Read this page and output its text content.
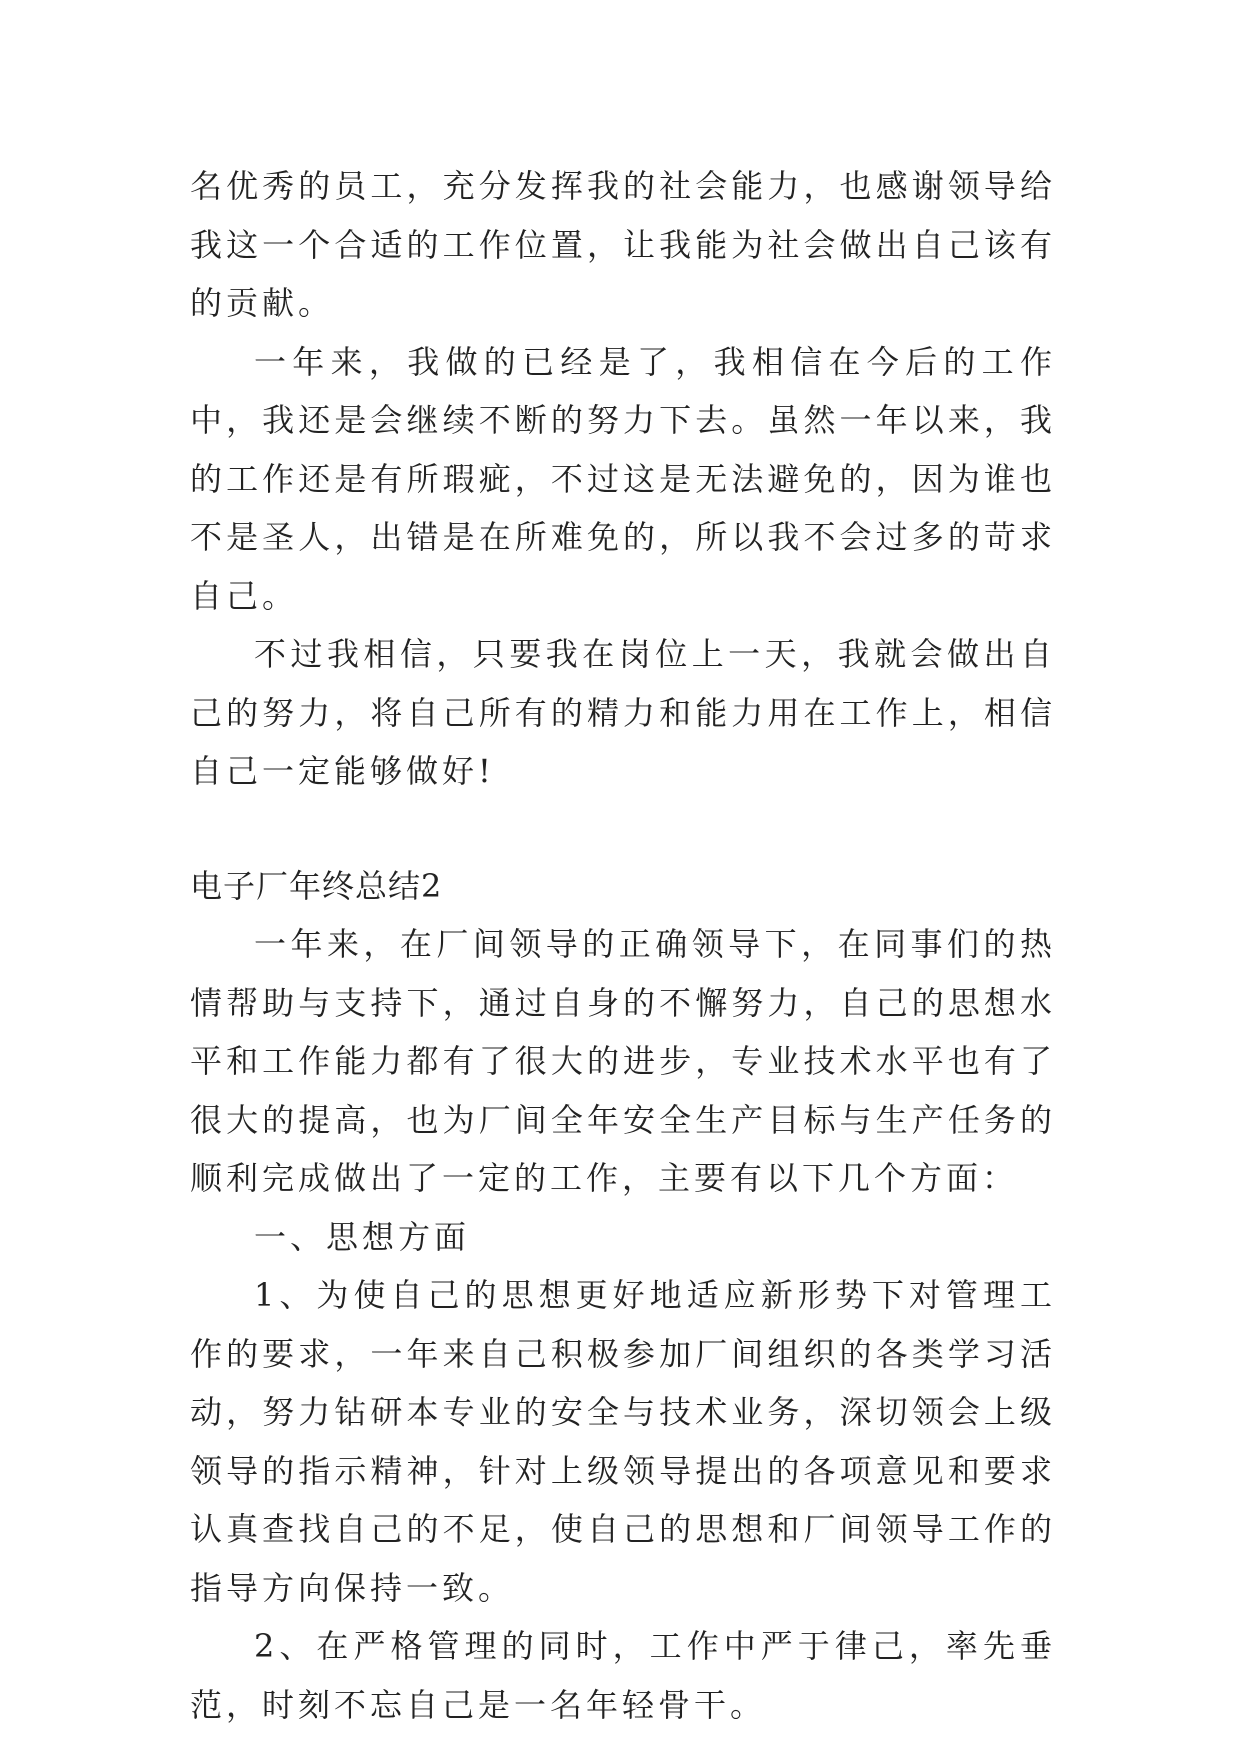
名优秀的员工，充分发挥我的社会能力，也感谢领导给我这一个合适的工作位置，让我能为社会做出自己该有的贡献。

一年来，我做的已经是了，我相信在今后的工作中，我还是会继续不断的努力下去。虽然一年以来，我的工作还是有所瑕疵，不过这是无法避免的，因为谁也不是圣人，出错是在所难免的，所以我不会过多的苛求自己。

不过我相信，只要我在岗位上一天，我就会做出自己的努力，将自己所有的精力和能力用在工作上，相信自己一定能够做好!

电子厂年终总结2

一年来，在厂间领导的正确领导下，在同事们的热情帮助与支持下，通过自身的不懈努力，自己的思想水平和工作能力都有了很大的进步，专业技术水平也有了很大的提高，也为厂间全年安全生产目标与生产任务的顺利完成做出了一定的工作，主要有以下几个方面：

一、思想方面

1、为使自己的思想更好地适应新形势下对管理工作的要求，一年来自己积极参加厂间组织的各类学习活动，努力钻研本专业的安全与技术业务，深切领会上级领导的指示精神，针对上级领导提出的各项意见和要求认真查找自己的不足，使自己的思想和厂间领导工作的指导方向保持一致。

2、在严格管理的同时，工作中严于律己，率先垂范，时刻不忘自己是一名年轻骨干。
